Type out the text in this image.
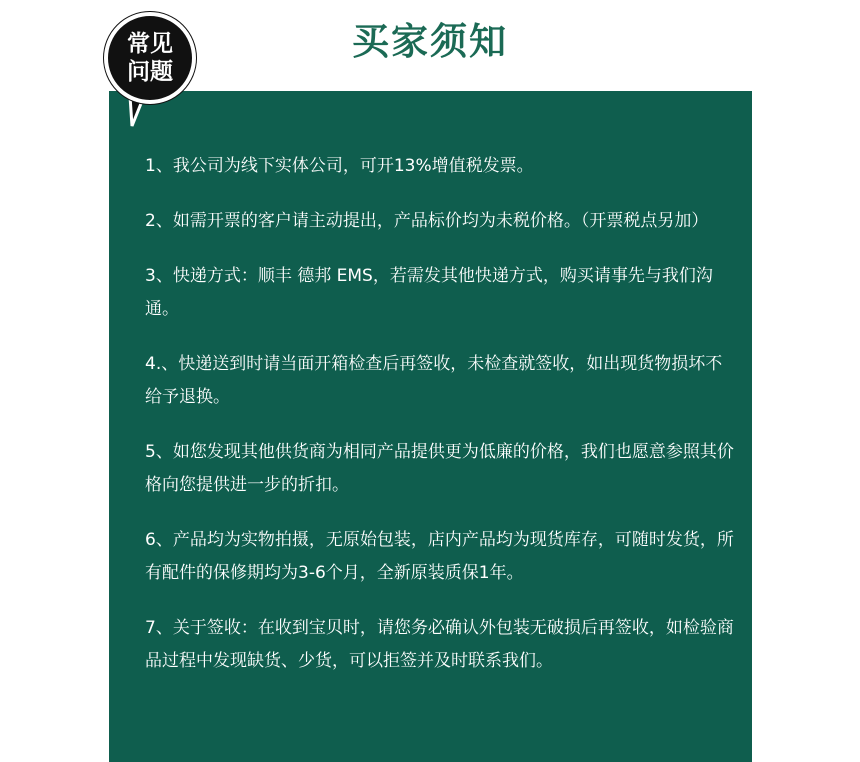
买家须知
常见
问题
1、我公司为线下实体公司，可开13%增值税发票。
2、如需开票的客户请主动提出，产品标价均为未税价格。（开票税点另加）
3、快递方式：顺丰 德邦 EMS，若需发其他快递方式，购买请事先与我们沟通。
4.、快递送到时请当面开箱检查后再签收，未检查就签收，如出现货物损坏不给予退换。
5、如您发现其他供货商为相同产品提供更为低廉的价格，我们也愿意参照其价格向您提供进一步的折扣。
6、产品均为实物拍摄，无原始包装，店内产品均为现货库存，可随时发货，所有配件的保修期均为3-6个月，全新原装质保1年。
7、关于签收：在收到宝贝时，请您务必确认外包装无破损后再签收，如检验商品过程中发现缺货、少货，可以拒签并及时联系我们。
